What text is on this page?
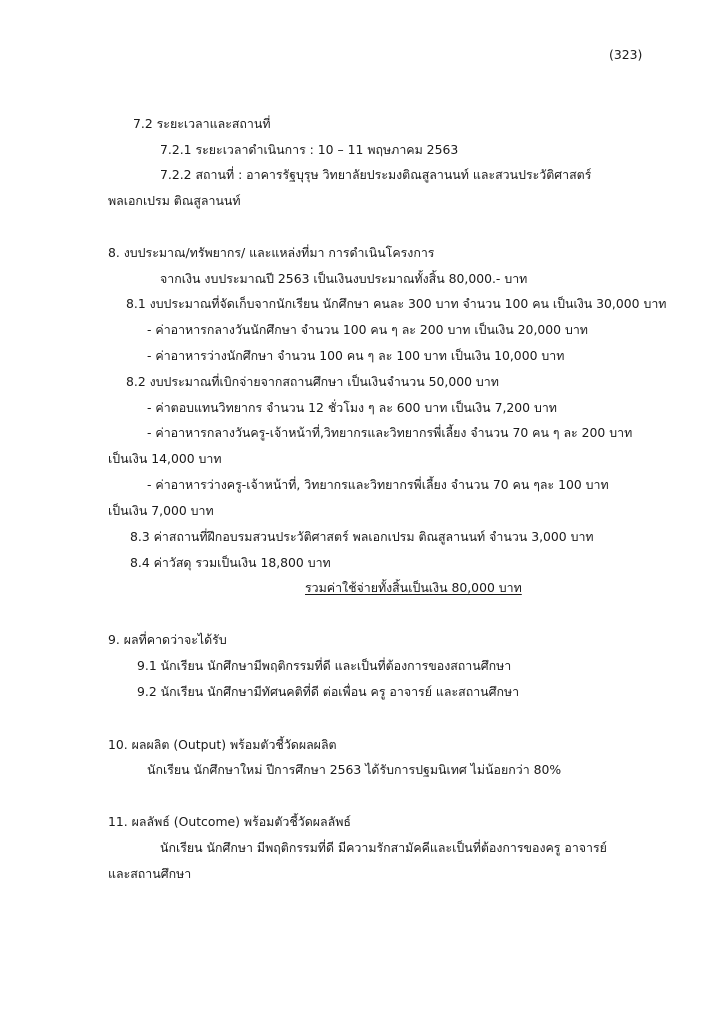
(323)
7.2 ระยะเวลาและสถานที่
7.2.1 ระยะเวลาดำเนินการ : 10 – 11 พฤษภาคม 2563
7.2.2 สถานที่ : อาคารรัฐบุรุษ วิทยาลัยประมงติณสูลานนท์ และสวนประวัติศาสตร์
พลเอกเปรม ติณสูลานนท์
8. งบประมาณ/ทรัพยากร/ และแหล่งที่มา การดำเนินโครงการ
จากเงิน งบประมาณปี 2563 เป็นเงินงบประมาณทั้งสิ้น 80,000.- บาท
8.1 งบประมาณที่จัดเก็บจากนักเรียน นักศึกษา คนละ 300 บาท จำนวน 100 คน เป็นเงิน 30,000 บาท
- ค่าอาหารกลางวันนักศึกษา จำนวน 100 คน ๆ ละ 200 บาท เป็นเงิน 20,000 บาท
- ค่าอาหารว่างนักศึกษา จำนวน 100 คน ๆ ละ 100 บาท เป็นเงิน 10,000 บาท
8.2 งบประมาณที่เบิกจ่ายจากสถานศึกษา เป็นเงินจำนวน 50,000 บาท
- ค่าตอบแทนวิทยากร จำนวน 12 ชั่วโมง ๆ ละ 600 บาท เป็นเงิน 7,200 บาท
- ค่าอาหารกลางวันครู-เจ้าหน้าที่,วิทยากรและวิทยากรพี่เลี้ยง จำนวน 70 คน ๆ ละ 200 บาท
เป็นเงิน 14,000 บาท
- ค่าอาหารว่างครู-เจ้าหน้าที่, วิทยากรและวิทยากรพี่เลี้ยง จำนวน 70 คน ๆละ 100 บาท
เป็นเงิน 7,000 บาท
8.3 ค่าสถานที่ฝึกอบรมสวนประวัติศาสตร์ พลเอกเปรม ติณสูลานนท์ จำนวน 3,000 บาท
8.4 ค่าวัสดุ รวมเป็นเงิน 18,800 บาท
รวมค่าใช้จ่ายทั้งสิ้นเป็นเงิน 80,000 บาท
9. ผลที่คาดว่าจะได้รับ
9.1 นักเรียน นักศึกษามีพฤติกรรมที่ดี และเป็นที่ต้องการของสถานศึกษา
9.2 นักเรียน นักศึกษามีทัศนคติที่ดี ต่อเพื่อน ครู อาจารย์ และสถานศึกษา
10. ผลผลิต (Output) พร้อมตัวชี้วัดผลผลิต
นักเรียน นักศึกษาใหม่ ปีการศึกษา 2563 ได้รับการปฐมนิเทศ ไม่น้อยกว่า 80%
11. ผลลัพธ์ (Outcome) พร้อมตัวชี้วัดผลลัพธ์
นักเรียน นักศึกษา มีพฤติกรรมที่ดี มีความรักสามัคคีและเป็นที่ต้องการของครู อาจารย์
และสถานศึกษา
